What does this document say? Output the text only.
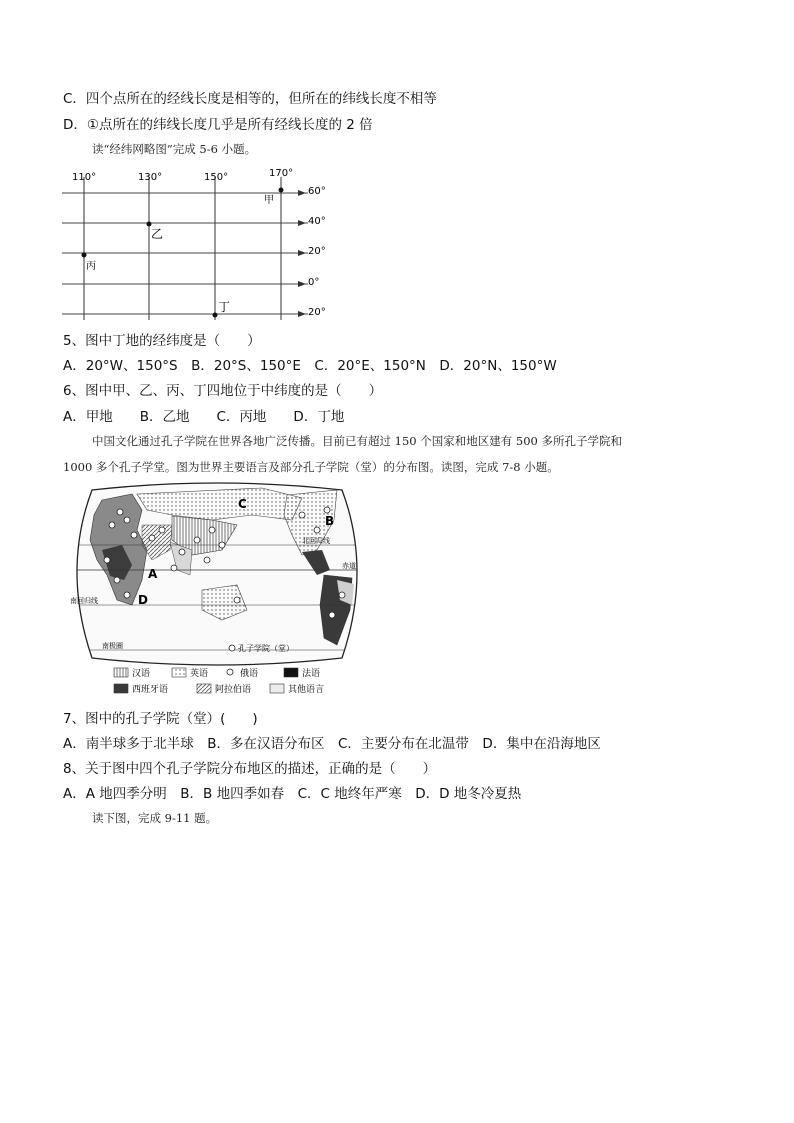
C．四个点所在的经线长度是相等的，但所在的纬线长度不相等
D．①点所在的纬线长度几乎是所有经线长度的 2 倍
读“经纬网略图”完成 5-6 小题。
110°	130°	150°	170°
60°
40°
20°
0°
20°
甲
乙
丙
丁
5、图中丁地的经纬度是（　　）
A．20°W、150°S　B．20°S、150°E　C．20°E、150°N　D．20°N、150°W
6、图中甲、乙、丙、丁四地位于中纬度的是（　　）
A．甲地　　B．乙地　　C．丙地　　D．丁地
中国文化通过孔子学院在世界各地广泛传播。目前已有超过 150 个国家和地区建有 500 多所孔子学院和
1000 多个孔子学堂。图为世界主要语言及部分孔子学院（堂）的分布图。读图，完成 7-8 小题。
A
B
C
D
北回归线
南回归线
赤道
南极圈	孔子学院（堂）
汉语	英语	俄语	法语
西班牙语	阿拉伯语	其他语言
7、图中的孔子学院（堂）(　　)
A．南半球多于北半球　B．多在汉语分布区　C．主要分布在北温带　D．集中在沿海地区
8、关于图中四个孔子学院分布地区的描述，正确的是（　　）
A．A 地四季分明　B．B 地四季如春　C．C 地终年严寒　D．D 地冬冷夏热
读下图，完成 9-11 题。
